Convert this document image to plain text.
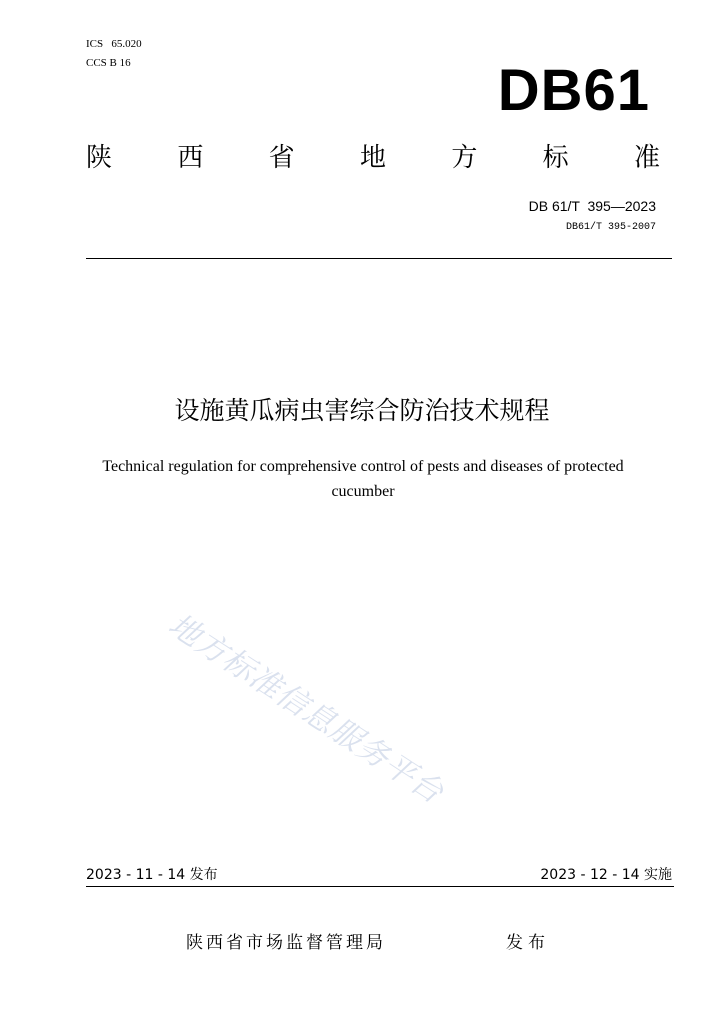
ICS   65.020
CCS B 16	DB61
陕	西	省	地	方	标	准
DB 61/T  395—2023
DB61/T 395-2007
设施黄瓜病虫害综合防治技术规程
Technical regulation for comprehensive control of pests and diseases of protected cucumber
地方标准信息服务平台
2023 - 11 - 14 发布	2023 - 12 - 14 实施
陕西省市场监督管理局	发布
